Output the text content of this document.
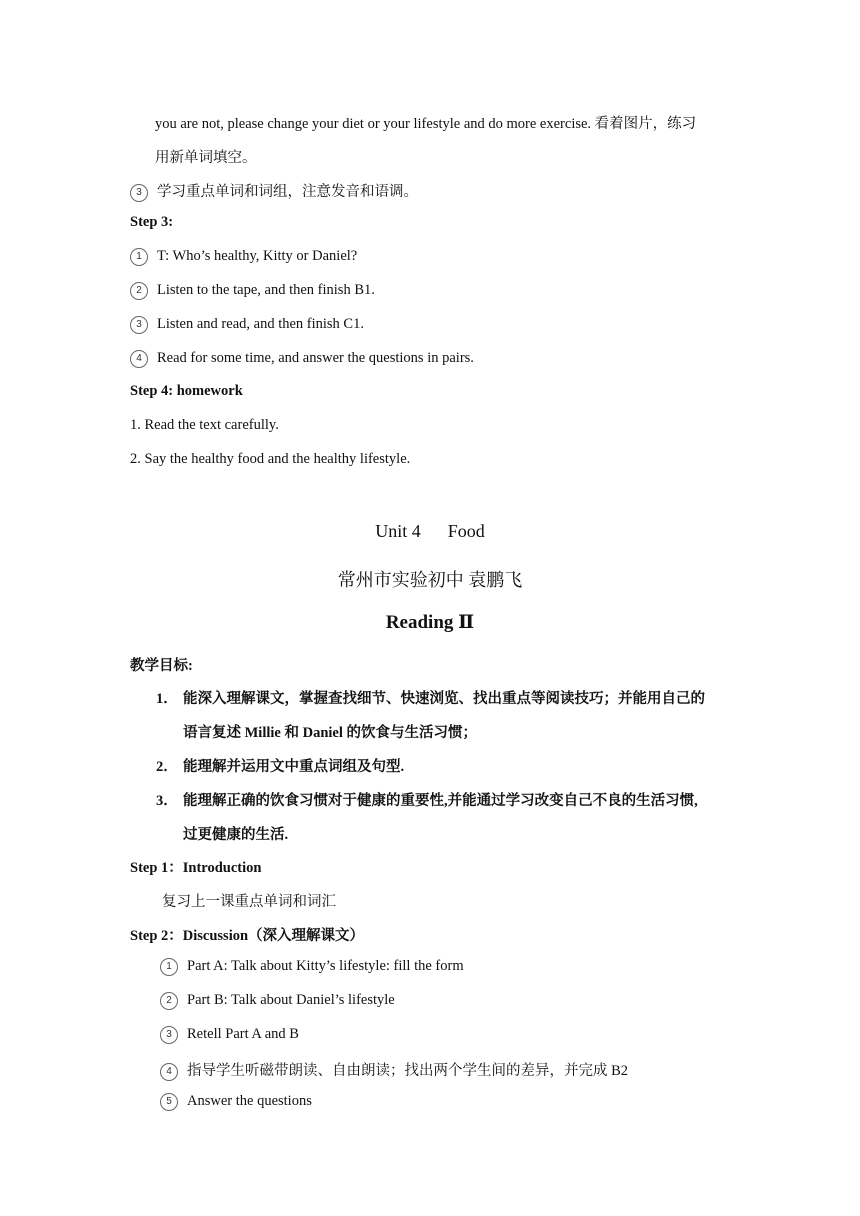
you are not, please change your diet or your lifestyle and do more exercise. 看着图片，练习
用新单词填空。
3 学习重点单词和词组，注意发音和语调。
Step 3:
1 T: Who’s healthy, Kitty or Daniel?
2 Listen to the tape, and then finish B1.
3 Listen and read, and then finish C1.
4 Read for some time, and answer the questions in pairs.
Step 4: homework
1. Read the text carefully.
2. Say the healthy food and the healthy lifestyle.
Unit 4      Food
常州市实验初中 袁鹏飞
Reading Ⅱ
教学目标:
1． 能深入理解课文，掌握查找细节、快速浏览、找出重点等阅读技巧；并能用自己的
语言复述 Millie 和 Daniel 的饮食与生活习惯；
2． 能理解并运用文中重点词组及句型.
3． 能理解正确的饮食习惯对于健康的重要性,并能通过学习改变自己不良的生活习惯,
过更健康的生活.
Step 1：Introduction
复习上一课重点单词和词汇
Step 2：Discussion（深入理解课文）
1 Part A: Talk about Kitty’s lifestyle: fill the form
2 Part B: Talk about Daniel’s lifestyle
3 Retell Part A and B
4 指导学生听磁带朗读、自由朗读；找出两个学生间的差异，并完成 B2
5 Answer the questions
